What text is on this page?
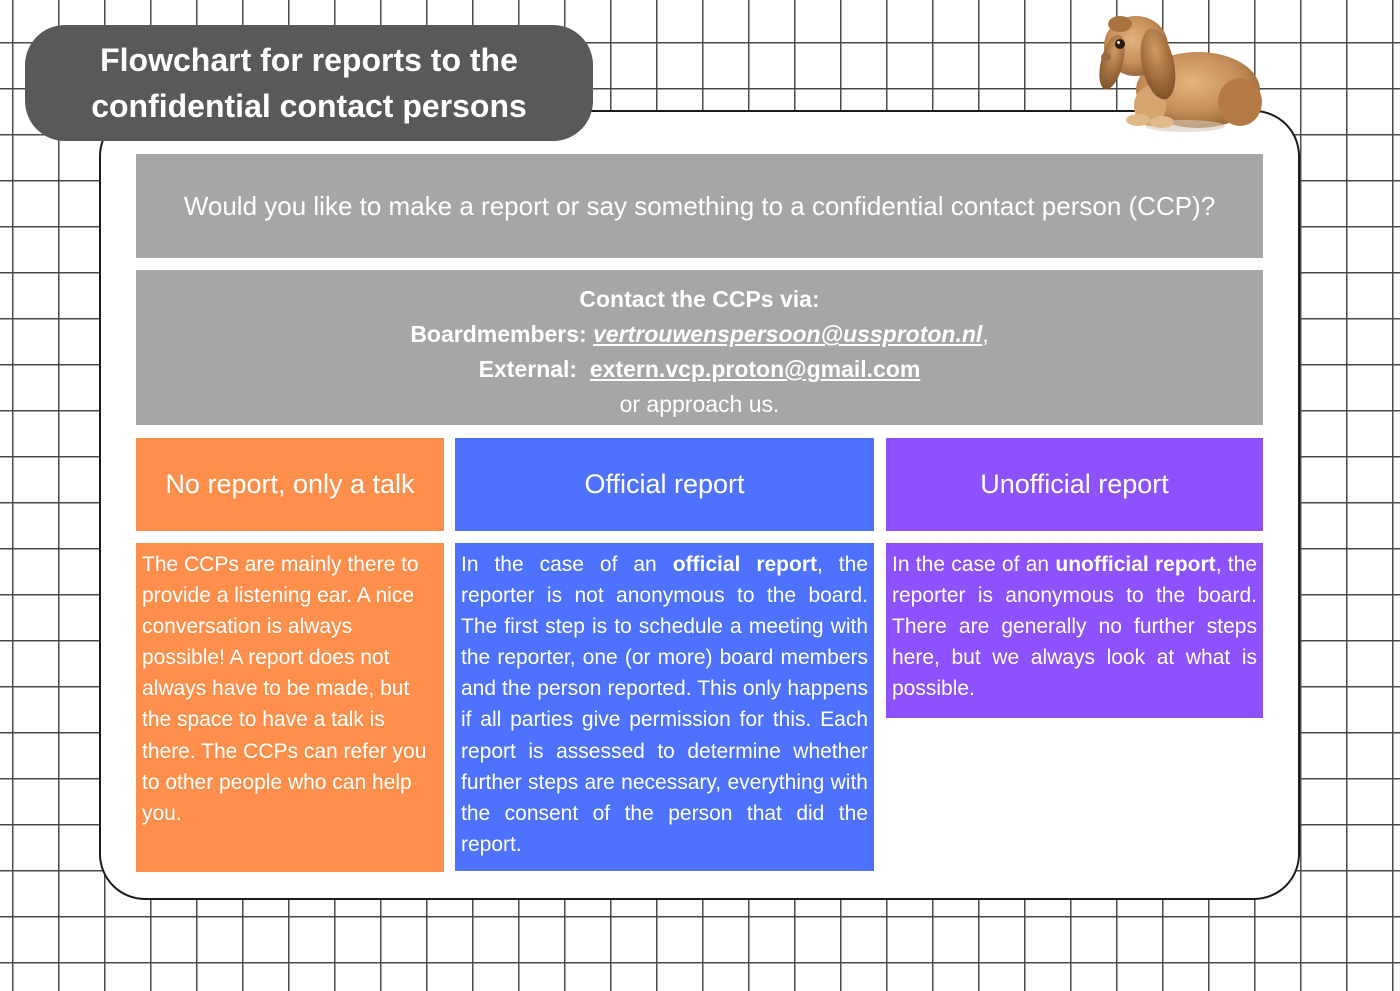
Flowchart for reports to the
confidential contact persons
Would you like to make a report or say something to a confidential contact person (CCP)?
Contact the CCPs via:
Boardmembers: vertrouwenspersoon@ussproton.nl,
External: extern.vcp.proton@gmail.com
or approach us.
No report, only a talk	Official report	Unofficial report
The CCPs are mainly there to provide a listening ear. A nice conversation is always possible! A report does not always have to be made, but the space to have a talk is there. The CCPs can refer you to other people who can help you.
In the case of an official report, the reporter is not anonymous to the board. The first step is to schedule a meeting with the reporter, one (or more) board members and the person reported. This only happens if all parties give permission for this. Each report is assessed to determine whether further steps are necessary, everything with the consent of the person that did the report.
In the case of an unofficial report, the reporter is anonymous to the board. There are generally no further steps here, but we always look at what is possible.
